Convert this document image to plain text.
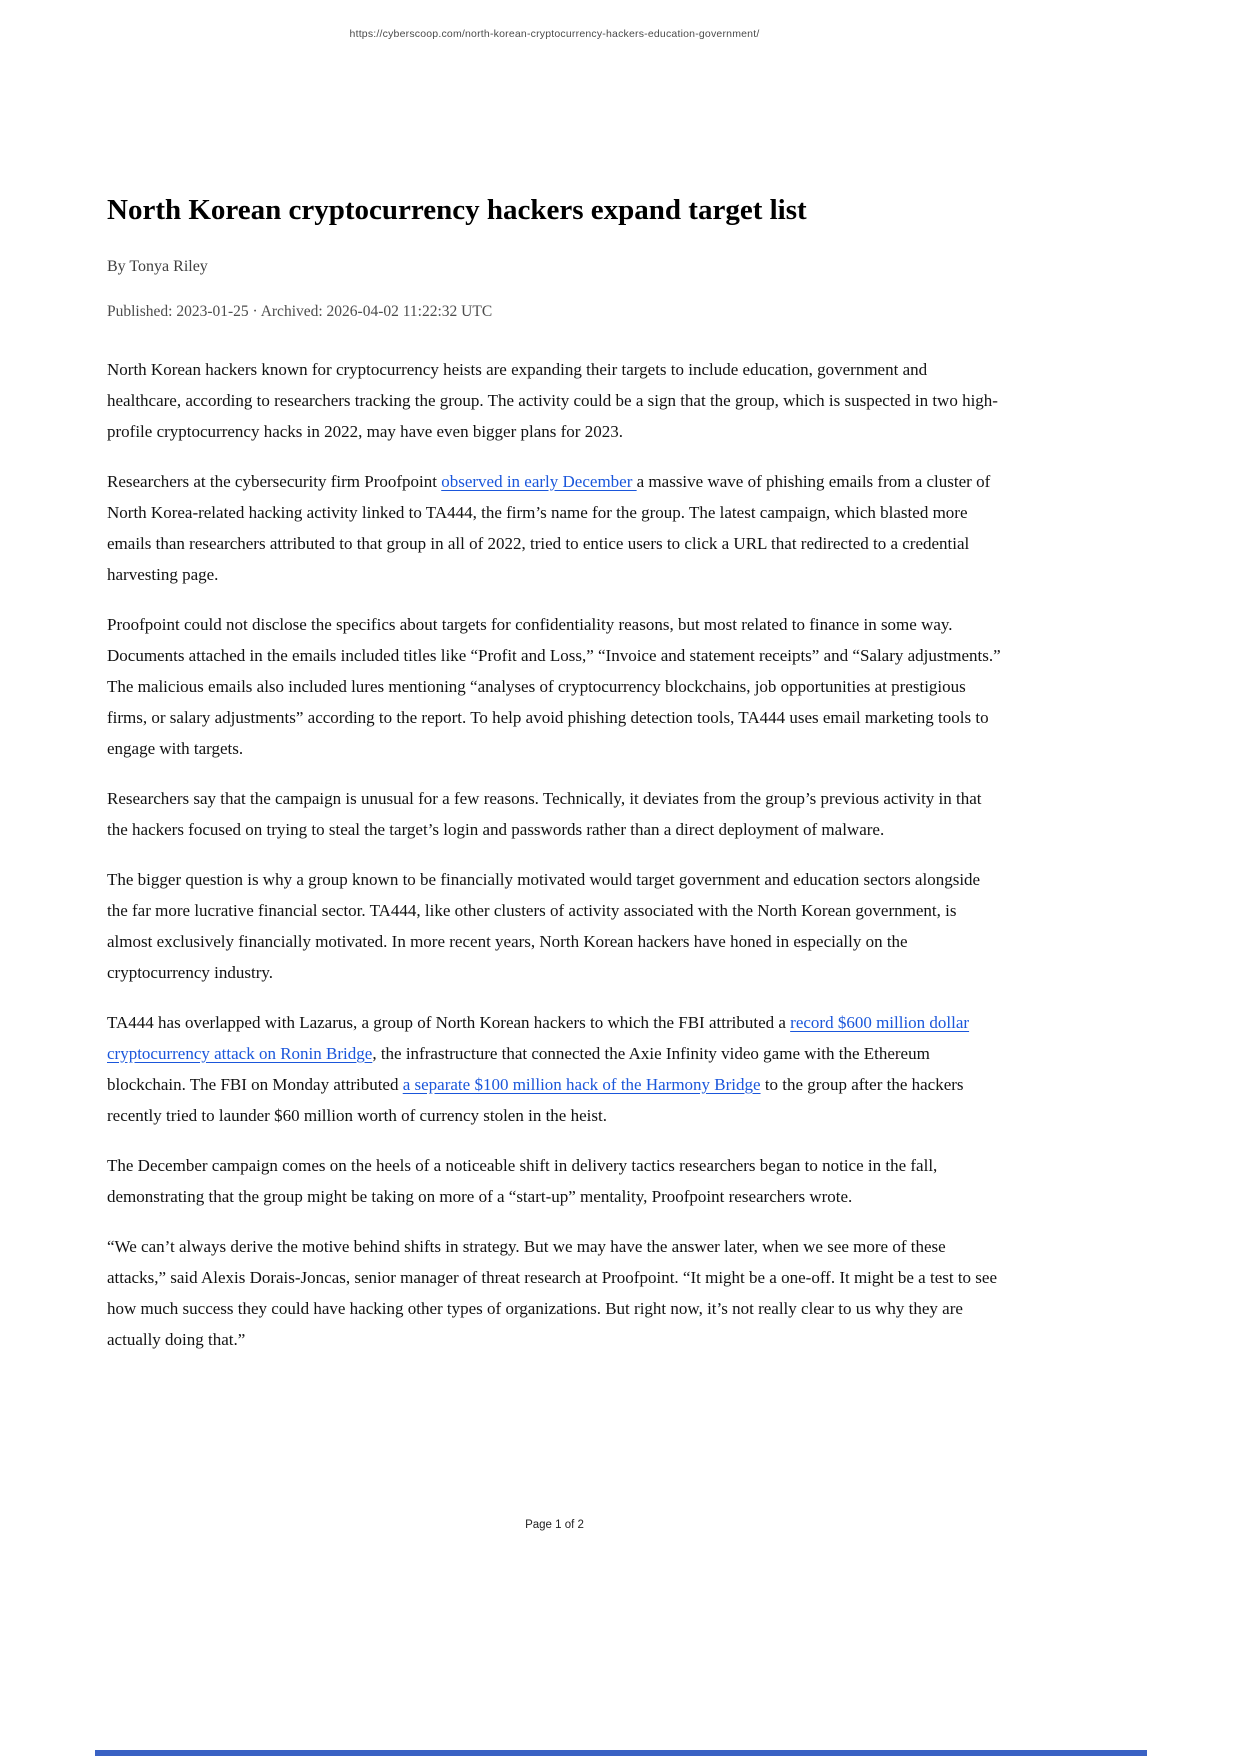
https://cyberscoop.com/north-korean-cryptocurrency-hackers-education-government/
North Korean cryptocurrency hackers expand target list

By Tonya Riley

Published: 2023-01-25 · Archived: 2026-04-02 11:22:32 UTC

North Korean hackers known for cryptocurrency heists are expanding their targets to include education, government and healthcare, according to researchers tracking the group. The activity could be a sign that the group, which is suspected in two high-profile cryptocurrency hacks in 2022, may have even bigger plans for 2023.

Researchers at the cybersecurity firm Proofpoint observed in early December a massive wave of phishing emails from a cluster of North Korea-related hacking activity linked to TA444, the firm’s name for the group. The latest campaign, which blasted more emails than researchers attributed to that group in all of 2022, tried to entice users to click a URL that redirected to a credential harvesting page.

Proofpoint could not disclose the specifics about targets for confidentiality reasons, but most related to finance in some way. Documents attached in the emails included titles like “Profit and Loss,” “Invoice and statement receipts” and “Salary adjustments.” The malicious emails also included lures mentioning “analyses of cryptocurrency blockchains, job opportunities at prestigious firms, or salary adjustments” according to the report. To help avoid phishing detection tools, TA444 uses email marketing tools to engage with targets.

Researchers say that the campaign is unusual for a few reasons. Technically, it deviates from the group’s previous activity in that the hackers focused on trying to steal the target’s login and passwords rather than a direct deployment of malware.

The bigger question is why a group known to be financially motivated would target government and education sectors alongside the far more lucrative financial sector. TA444, like other clusters of activity associated with the North Korean government, is almost exclusively financially motivated. In more recent years, North Korean hackers have honed in especially on the cryptocurrency industry.

TA444 has overlapped with Lazarus, a group of North Korean hackers to which the FBI attributed a record $600 million dollar cryptocurrency attack on Ronin Bridge, the infrastructure that connected the Axie Infinity video game with the Ethereum blockchain. The FBI on Monday attributed a separate $100 million hack of the Harmony Bridge to the group after the hackers recently tried to launder $60 million worth of currency stolen in the heist.

The December campaign comes on the heels of a noticeable shift in delivery tactics researchers began to notice in the fall, demonstrating that the group might be taking on more of a “start-up” mentality, Proofpoint researchers wrote.

“We can’t always derive the motive behind shifts in strategy. But we may have the answer later, when we see more of these attacks,” said Alexis Dorais-Joncas, senior manager of threat research at Proofpoint. “It might be a one-off. It might be a test to see how much success they could have hacking other types of organizations. But right now, it’s not really clear to us why they are actually doing that.”

Page 1 of 2
